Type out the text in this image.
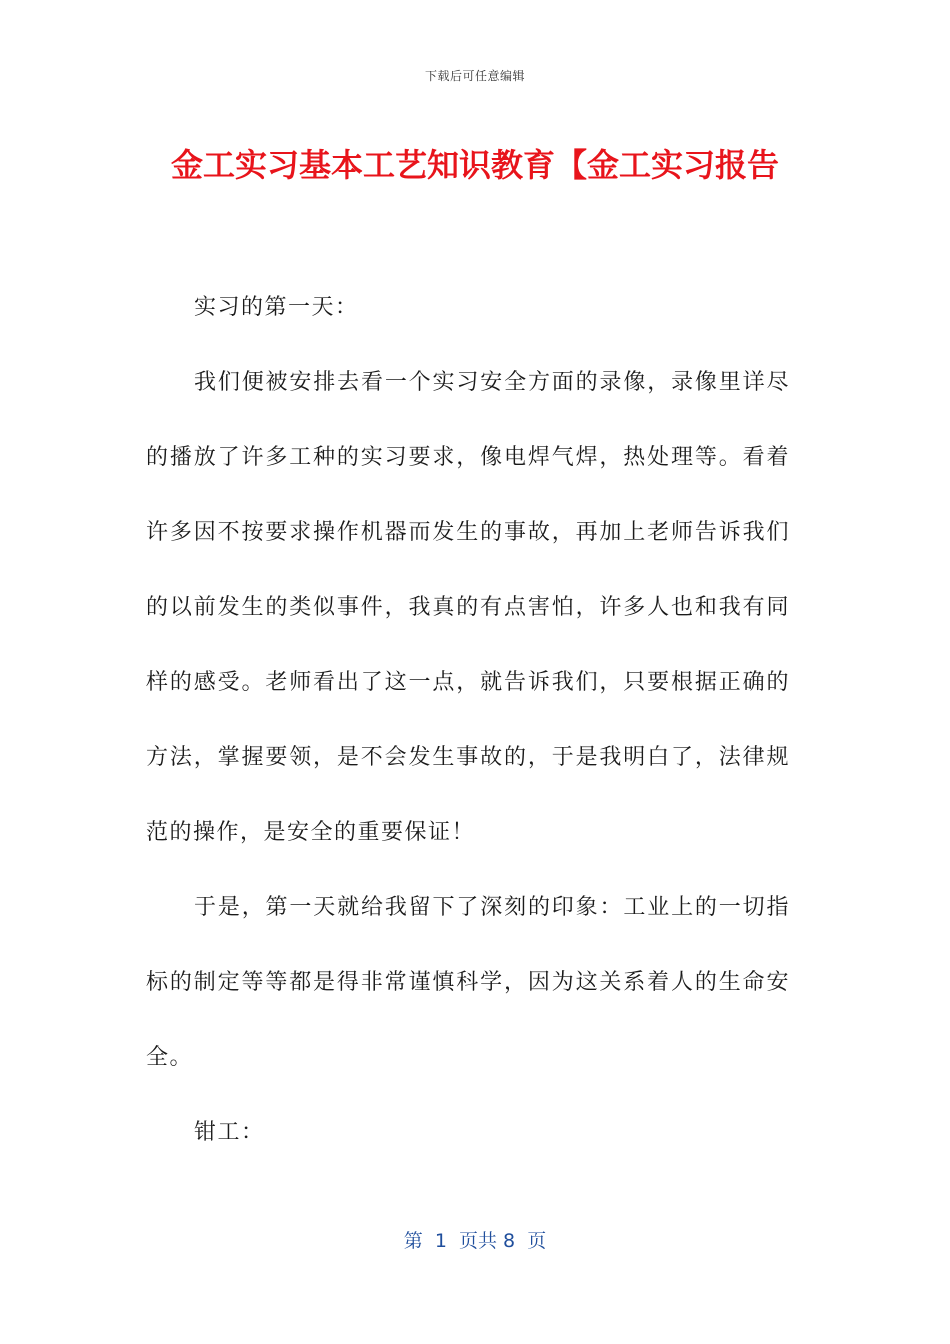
下载后可任意编辑
金工实习基本工艺知识教育【金工实习报告

实习的第一天：

我们便被安排去看一个实习安全方面的录像，录像里详尽的播放了许多工种的实习要求，像电焊气焊，热处理等。看着许多因不按要求操作机器而发生的事故，再加上老师告诉我们的以前发生的类似事件，我真的有点害怕，许多人也和我有同样的感受。老师看出了这一点，就告诉我们，只要根据正确的方法，掌握要领，是不会发生事故的，于是我明白了，法律规范的操作，是安全的重要保证！

于是，第一天就给我留下了深刻的印象：工业上的一切指标的制定等等都是得非常谨慎科学，因为这关系着人的生命安全。

钳工：

第  1  页共 8  页
